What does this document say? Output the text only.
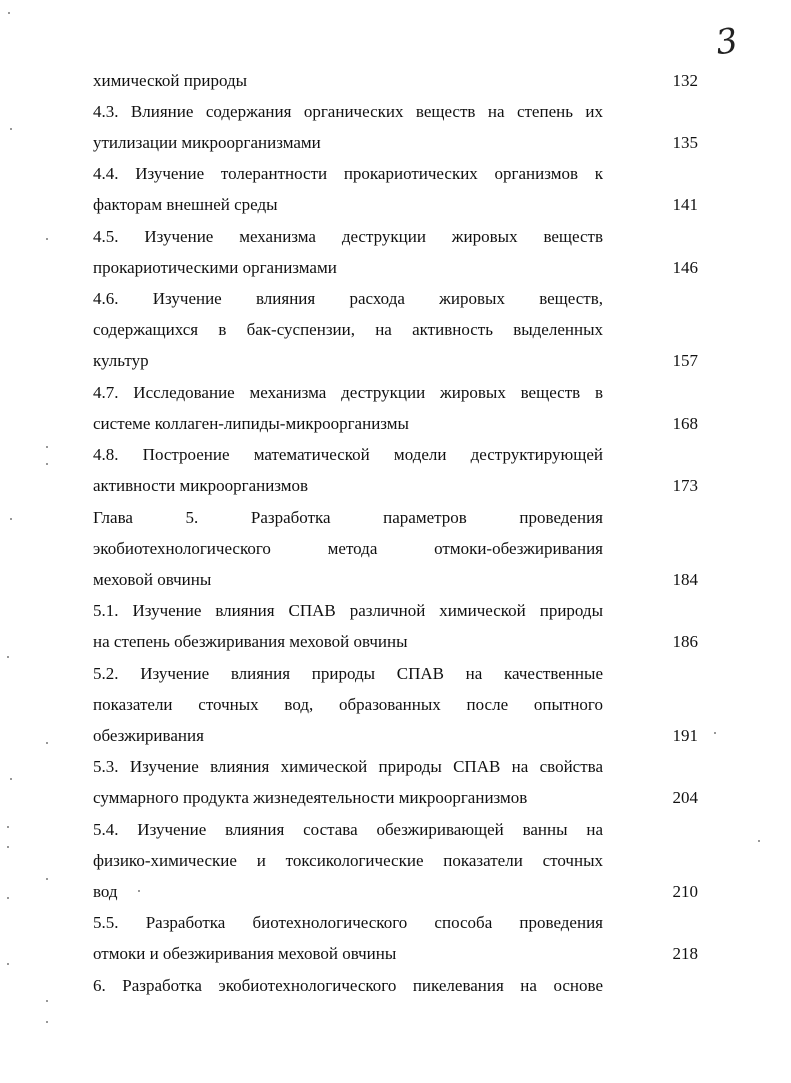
3
химической природы	132
4.3. Влияние содержания органических веществ на степень их
утилизации микроорганизмами	135
4.4. Изучение толерантности прокариотических организмов к
факторам внешней среды	141
4.5. Изучение механизма деструкции жировых веществ
прокариотическими организмами	146
4.6. Изучение влияния расхода жировых веществ,
содержащихся в бак-суспензии, на активность выделенных
культур	157
4.7. Исследование механизма деструкции жировых веществ в
системе коллаген-липиды-микроорганизмы	168
4.8. Построение математической модели деструктирующей
активности микроорганизмов	173
Глава 5. Разработка параметров проведения
экобиотехнологического метода отмоки-обезжиривания
меховой овчины	184
5.1. Изучение влияния СПАВ различной химической природы
на степень обезжиривания меховой овчины	186
5.2. Изучение влияния природы СПАВ на качественные
показатели сточных вод, образованных после опытного
обезжиривания	191
5.3. Изучение влияния химической природы СПАВ на свойства
суммарного продукта жизнедеятельности микроорганизмов	204
5.4. Изучение влияния состава обезжиривающей ванны на
физико-химические и токсикологические показатели сточных
вод	210
5.5. Разработка биотехнологического способа проведения
отмоки и обезжиривания меховой овчины	218
6. Разработка экобиотехнологического пикелевания на основе
